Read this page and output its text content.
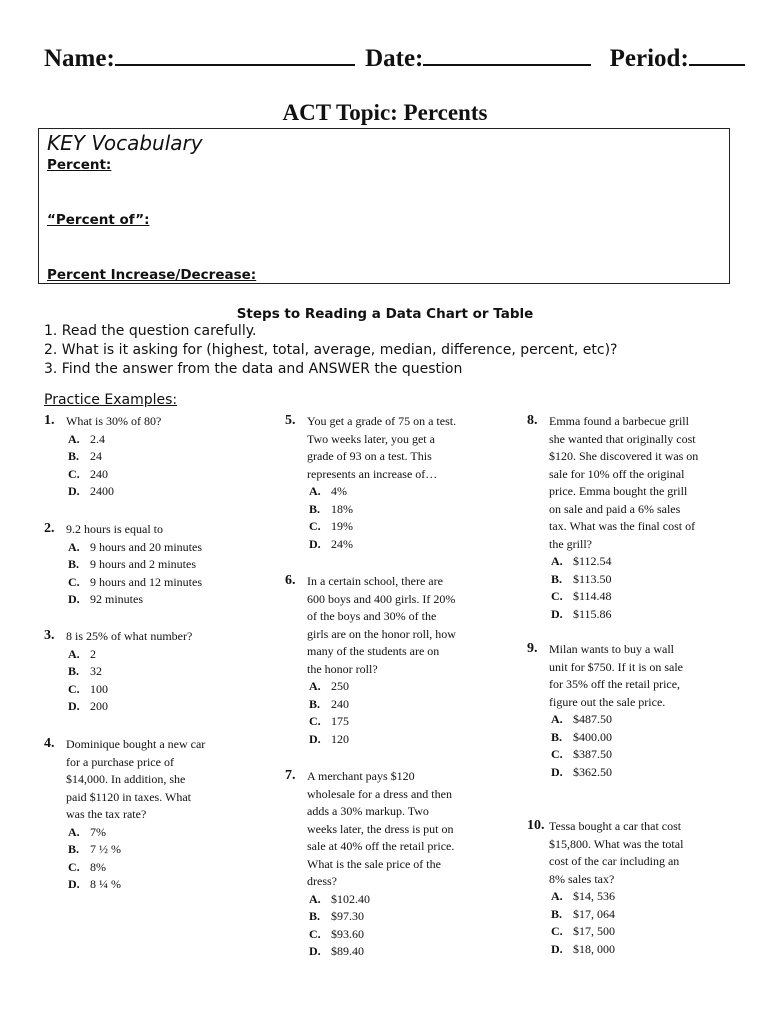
Name:	Date:	Period:
ACT Topic: Percents
KEY Vocabulary
Percent:
“Percent of”:
Percent Increase/Decrease:
Steps to Reading a Data Chart or Table
1. Read the question carefully.
2. What is it asking for (highest, total, average, median, difference, percent, etc)?
3. Find the answer from the data and ANSWER the question
Practice Examples:
1. What is 30% of 80?
A. 2.4
B. 24
C. 240
D. 2400
2. 9.2 hours is equal to
A. 9 hours and 20 minutes
B. 9 hours and 2 minutes
C. 9 hours and 12 minutes
D. 92 minutes
3. 8 is 25% of what number?
A. 2
B. 32
C. 100
D. 200
4. Dominique bought a new car
for a purchase price of
$14,000. In addition, she
paid $1120 in taxes. What
was the tax rate?
A. 7%
B. 7 ½ %
C. 8%
D. 8 ¼ %
5. You get a grade of 75 on a test.
Two weeks later, you get a
grade of 93 on a test. This
represents an increase of…
A. 4%
B. 18%
C. 19%
D. 24%
6. In a certain school, there are
600 boys and 400 girls. If 20%
of the boys and 30% of the
girls are on the honor roll, how
many of the students are on
the honor roll?
A. 250
B. 240
C. 175
D. 120
7. A merchant pays $120
wholesale for a dress and then
adds a 30% markup. Two
weeks later, the dress is put on
sale at 40% off the retail price.
What is the sale price of the
dress?
A. $102.40
B. $97.30
C. $93.60
D. $89.40
8. Emma found a barbecue grill
she wanted that originally cost
$120. She discovered it was on
sale for 10% off the original
price. Emma bought the grill
on sale and paid a 6% sales
tax. What was the final cost of
the grill?
A. $112.54
B. $113.50
C. $114.48
D. $115.86
9. Milan wants to buy a wall
unit for $750. If it is on sale
for 35% off the retail price,
figure out the sale price.
A. $487.50
B. $400.00
C. $387.50
D. $362.50
10. Tessa bought a car that cost
$15,800. What was the total
cost of the car including an
8% sales tax?
A. $14, 536
B. $17, 064
C. $17, 500
D. $18, 000
